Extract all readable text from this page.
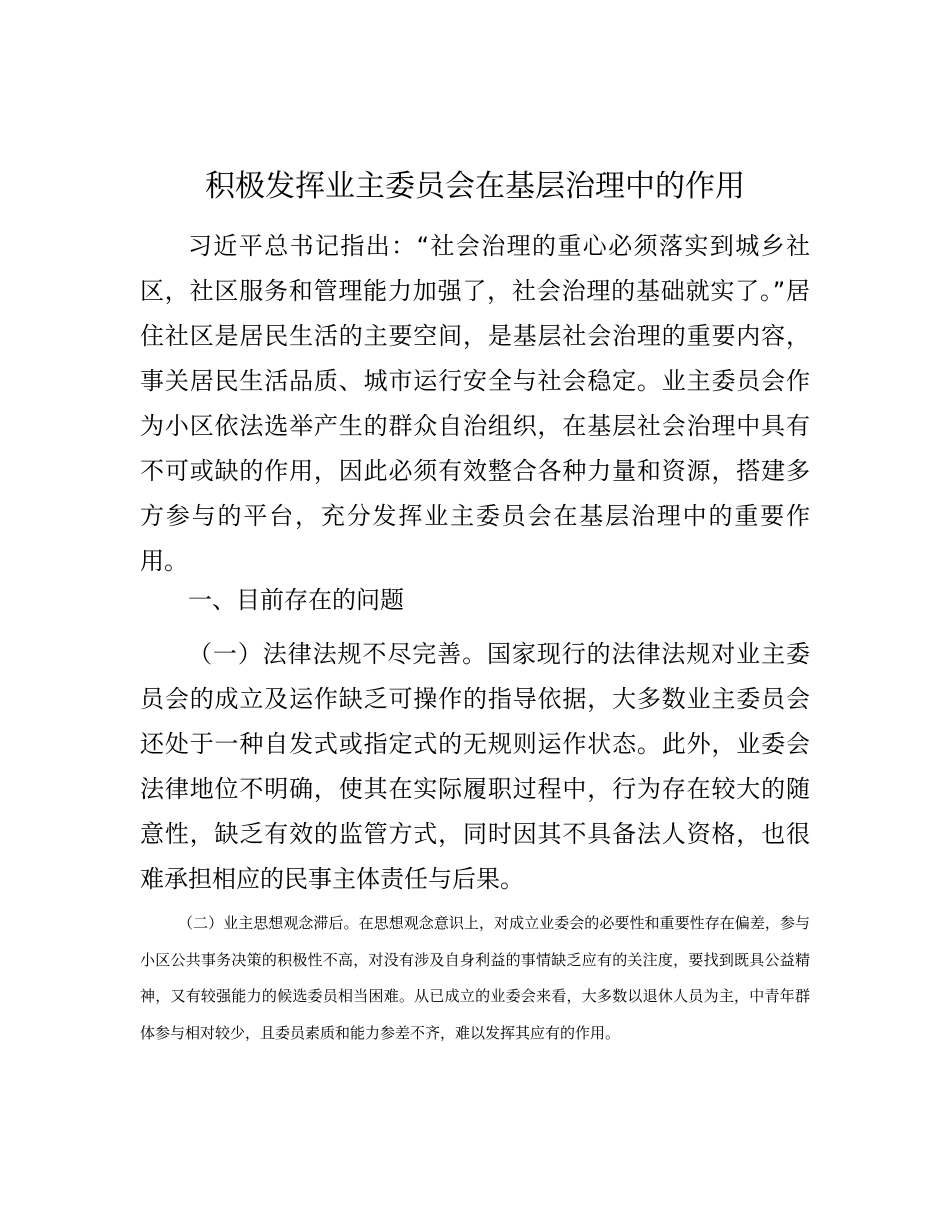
积极发挥业主委员会在基层治理中的作用

习近平总书记指出：“社会治理的重心必须落实到城乡社区，社区服务和管理能力加强了，社会治理的基础就实了。”居住社区是居民生活的主要空间，是基层社会治理的重要内容，事关居民生活品质、城市运行安全与社会稳定。业主委员会作为小区依法选举产生的群众自治组织，在基层社会治理中具有不可或缺的作用，因此必须有效整合各种力量和资源，搭建多方参与的平台，充分发挥业主委员会在基层治理中的重要作用。

一、目前存在的问题

（一）法律法规不尽完善。国家现行的法律法规对业主委员会的成立及运作缺乏可操作的指导依据，大多数业主委员会还处于一种自发式或指定式的无规则运作状态。此外，业委会法律地位不明确，使其在实际履职过程中，行为存在较大的随意性，缺乏有效的监管方式，同时因其不具备法人资格，也很难承担相应的民事主体责任与后果。

（二）业主思想观念滞后。在思想观念意识上，对成立业委会的必要性和重要性存在偏差，参与小区公共事务决策的积极性不高，对没有涉及自身利益的事情缺乏应有的关注度，要找到既具公益精神，又有较强能力的候选委员相当困难。从已成立的业委会来看，大多数以退休人员为主，中青年群体参与相对较少，且委员素质和能力参差不齐，难以发挥其应有的作用。
